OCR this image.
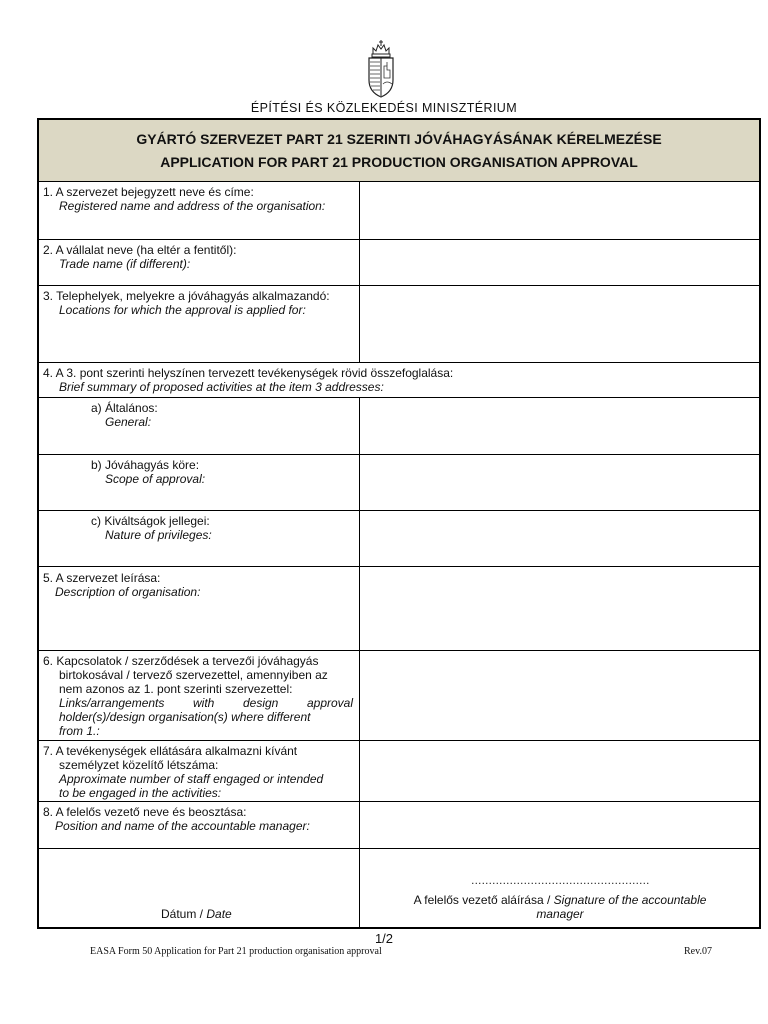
ÉPÍTÉSI ÉS KÖZLEKEDÉSI MINISZTÉRIUM
GYÁRTÓ SZERVEZET PART 21 SZERINTI JÓVÁHAGYÁSÁNAK KÉRELMEZÉSE
APPLICATION FOR PART 21 PRODUCTION ORGANISATION APPROVAL
1. A szervezet bejegyzett neve és címe:
Registered name and address of the organisation:
2. A vállalat neve (ha eltér a fentitől):
Trade name (if different):
3. Telephelyek, melyekre a jóváhagyás alkalmazandó:
Locations for which the approval is applied for:
4. A 3. pont szerinti helyszínen tervezett tevékenységek rövid összefoglalása:
Brief summary of proposed activities at the item 3 addresses:
a) Általános:
General:
b) Jóváhagyás köre:
Scope of approval:
c) Kiváltságok jellegei:
Nature of privileges:
5. A szervezet leírása:
Description of organisation:
6. Kapcsolatok / szerződések a tervezői jóváhagyás
birtokosával / tervező szervezettel, amennyiben az
nem azonos az 1. pont szerinti szervezettel:
Links/arrangements with design approval
holder(s)/design organisation(s) where different
from 1.:
7. A tevékenységek ellátására alkalmazni kívánt
személyzet közelítő létszáma:
Approximate number of staff engaged or intended
to be engaged in the activities:
8. A felelős vezető neve és beosztása:
Position and name of the accountable manager:
Dátum / Date
……………………………………………
A felelős vezető aláírása / Signature of the accountable
manager
1/2
EASA Form 50 Application for Part 21 production organisation approval	Rev.07
